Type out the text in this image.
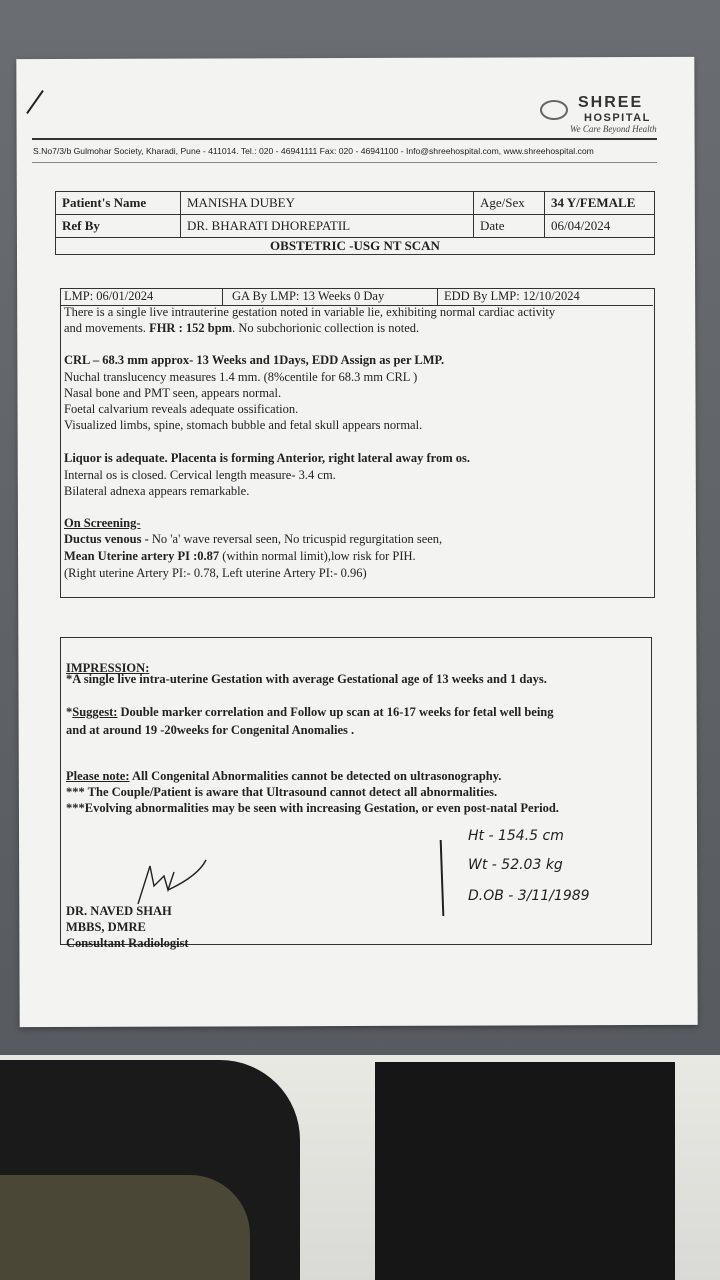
SHREE
HOSPITAL
We Care Beyond Health
S.No7/3/b Gulmohar Society, Kharadi, Pune - 411014. Tel.: 020 - 46941111 Fax: 020 - 46941100 - Info@shreehospital.com, www.shreehospital.com
Patient's Name	MANISHA DUBEY	Age/Sex	34 Y/FEMALE
Ref By	DR. BHARATI DHOREPATIL	Date	06/04/2024
OBSTETRIC -USG NT SCAN			
LMP: 06/01/2024	GA By LMP: 13 Weeks 0 Day	EDD By LMP: 12/10/2024
There is a single live intrauterine gestation noted in variable lie, exhibiting normal cardiac activity
and movements. FHR : 152 bpm. No subchorionic collection is noted.
CRL – 68.3 mm approx- 13 Weeks and 1Days, EDD Assign as per LMP.
Nuchal translucency measures 1.4 mm. (8%centile for 68.3 mm CRL )
Nasal bone and PMT seen, appears normal.
Foetal calvarium reveals adequate ossification.
Visualized limbs, spine, stomach bubble and fetal skull appears normal.
Liquor is adequate. Placenta is forming Anterior, right lateral away from os.
Internal os is closed. Cervical length measure- 3.4 cm.
Bilateral adnexa appears remarkable.
On Screening-
Ductus venous - No 'a' wave reversal seen, No tricuspid regurgitation seen,
Mean Uterine artery PI :0.87 (within normal limit),low risk for PIH.
(Right uterine Artery PI:- 0.78, Left uterine Artery PI:- 0.96)
IMPRESSION:
*A single live intra-uterine Gestation with average Gestational age of 13 weeks and 1 days.
*Suggest: Double marker correlation and Follow up scan at 16-17 weeks for fetal well being
and at around 19 -20weeks for Congenital Anomalies .
Please note: All Congenital Abnormalities cannot be detected on ultrasonography.
*** The Couple/Patient is aware that Ultrasound cannot detect all abnormalities.
***Evolving abnormalities may be seen with increasing Gestation, or even post-natal Period.
DR. NAVED SHAH
MBBS, DMRE
Consultant Radiologist
Ht - 154.5 cm
Wt - 52.03 kg
D.OB - 3/11/1989
